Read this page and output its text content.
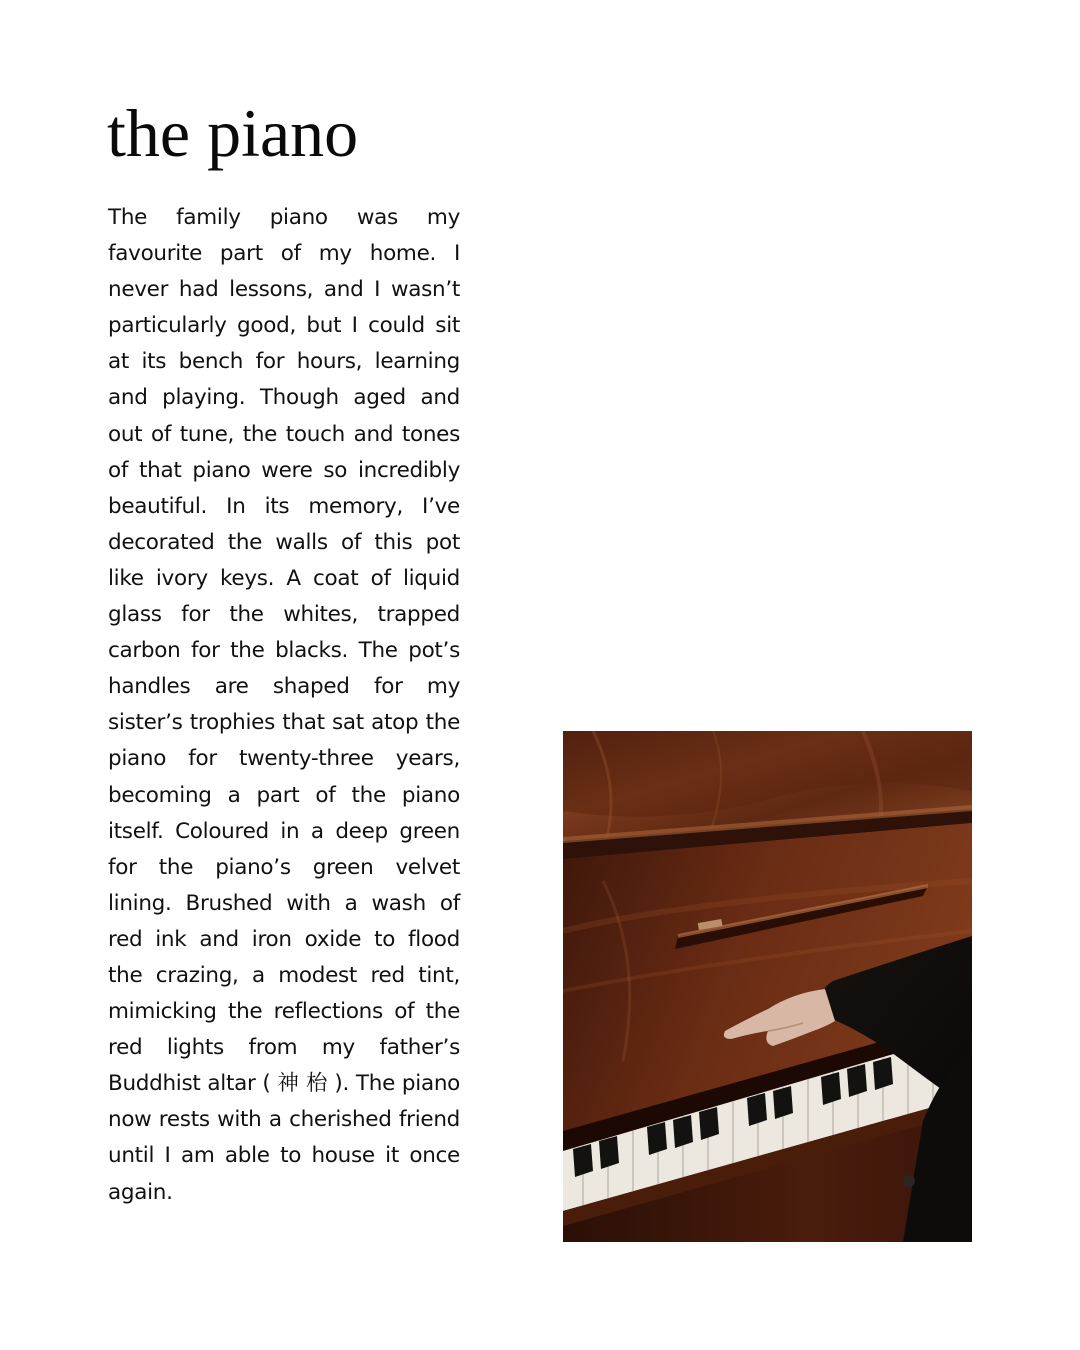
the piano

The family piano was my favourite part of my home. I never had lessons, and I wasn’t particularly good, but I could sit at its bench for hours, learning and playing. Though aged and out of tune, the touch and tones of that piano were so incredibly beautiful. In its memory, I’ve decorated the walls of this pot like ivory keys. A coat of liquid glass for the whites, trapped carbon for the blacks. The pot’s handles are shaped for my sister’s trophies that sat atop the piano for twenty-three years, becoming a part of the piano itself. Coloured in a deep green for the piano’s green velvet lining. Brushed with a wash of red ink and iron oxide to flood the crazing, a modest red tint, mimicking the reflections of the red lights from my father’s Buddhist altar ( 神 枱 ). The piano now rests with a cherished friend until I am able to house it once again.
